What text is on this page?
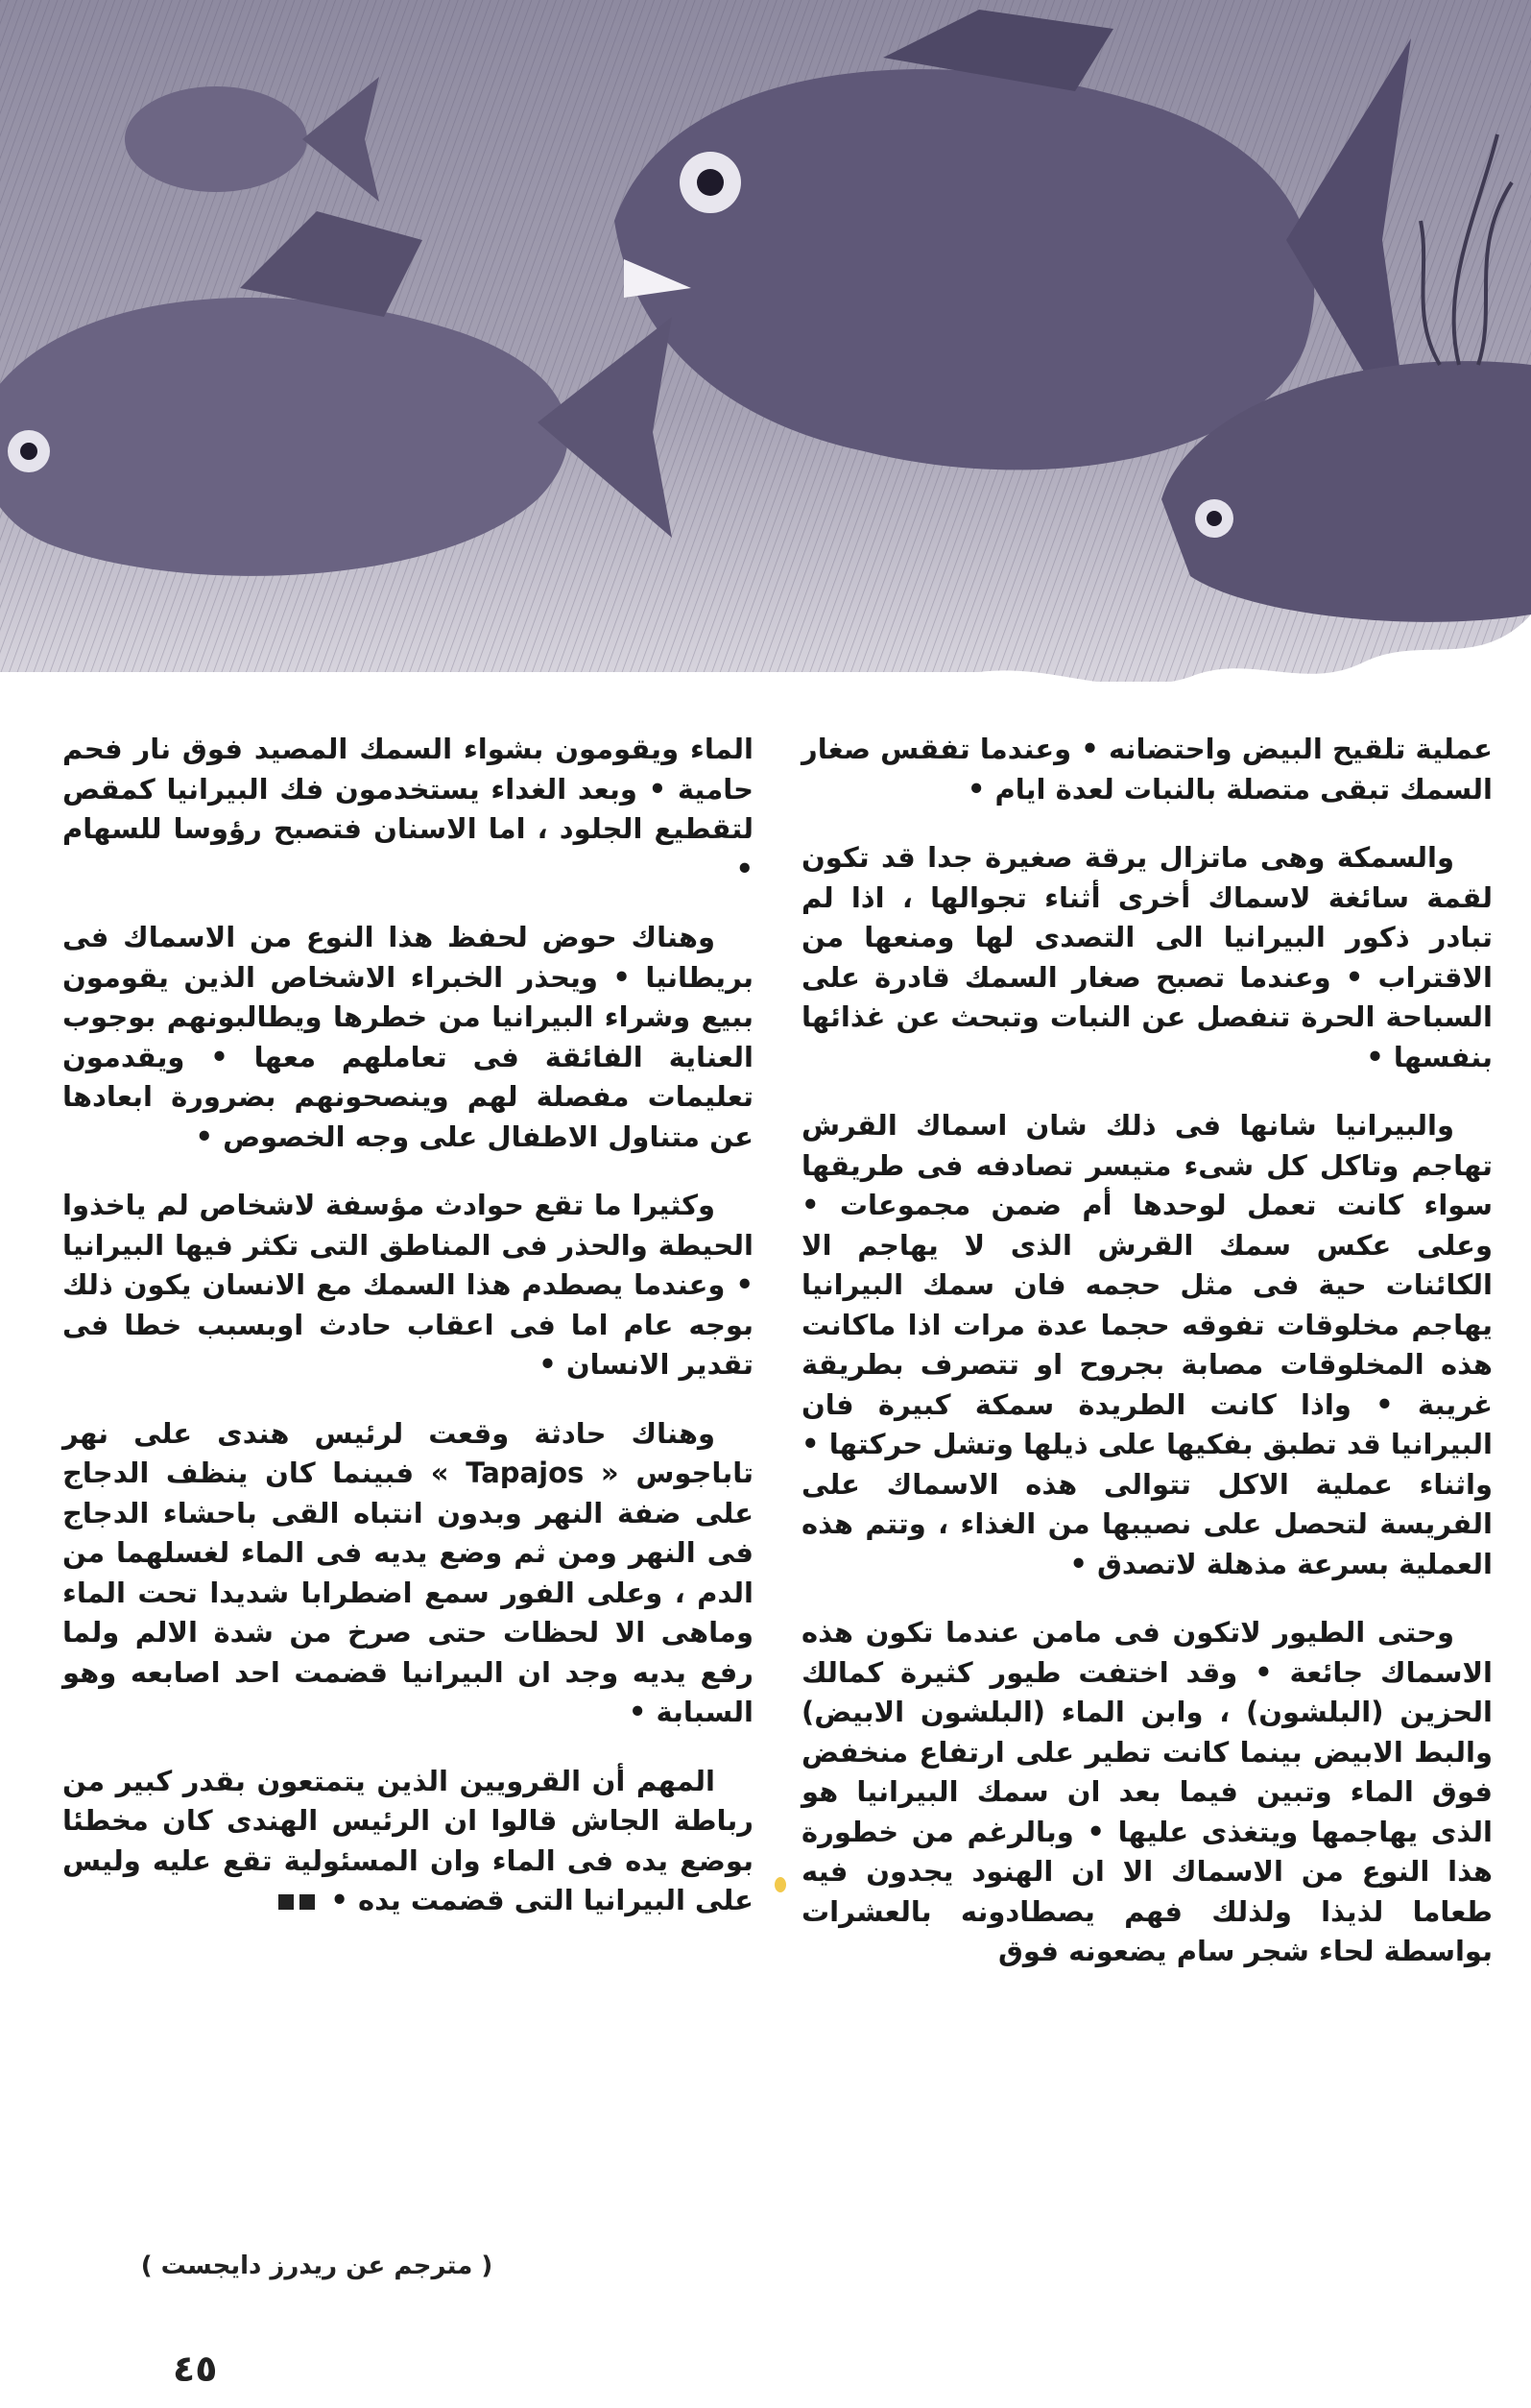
عملية تلقيح البيض واحتضانه • وعندما تفقس صغار السمك تبقى متصلة بالنبات لعدة ايام •

والسمكة وهى ماتزال يرقة صغيرة جدا قد تكون لقمة سائغة لاسماك أخرى أثناء تجوالها ، اذا لم تبادر ذكور البيرانيا الى التصدى لها ومنعها من الاقتراب • وعندما تصبح صغار السمك قادرة على السباحة الحرة تنفصل عن النبات وتبحث عن غذائها بنفسها •

والبيرانيا شانها فى ذلك شان اسماك القرش تهاجم وتاكل كل شىء متيسر تصادفه فى طريقها سواء كانت تعمل لوحدها أم ضمن مجموعات • وعلى عكس سمك القرش الذى لا يهاجم الا الكائنات حية فى مثل حجمه فان سمك البيرانيا يهاجم مخلوقات تفوقه حجما عدة مرات اذا ماكانت هذه المخلوقات مصابة بجروح او تتصرف بطريقة غريبة • واذا كانت الطريدة سمكة كبيرة فان البيرانيا قد تطبق بفكيها على ذيلها وتشل حركتها • واثناء عملية الاكل تتوالى هذه الاسماك على الفريسة لتحصل على نصيبها من الغذاء ، وتتم هذه العملية بسرعة مذهلة لاتصدق •

وحتى الطيور لاتكون فى مامن عندما تكون هذه الاسماك جائعة • وقد اختفت طيور كثيرة كمالك الحزين (البلشون) ، وابن الماء (البلشون الابيض) والبط الابيض بينما كانت تطير على ارتفاع منخفض فوق الماء وتبين فيما بعد ان سمك البيرانيا هو الذى يهاجمها ويتغذى عليها • وبالرغم من خطورة هذا النوع من الاسماك الا ان الهنود يجدون فيه طعاما لذيذا ولذلك فهم يصطادونه بالعشرات بواسطة لحاء شجر سام يضعونه فوق

الماء ويقومون بشواء السمك المصيد فوق نار فحم حامية • وبعد الغداء يستخدمون فك البيرانيا كمقص لتقطيع الجلود ، اما الاسنان فتصبح رؤوسا للسهام •

وهناك حوض لحفظ هذا النوع من الاسماك فى بريطانيا • ويحذر الخبراء الاشخاص الذين يقومون ببيع وشراء البيرانيا من خطرها ويطالبونهم بوجوب العناية الفائقة فى تعاملهم معها • ويقدمون تعليمات مفصلة لهم وينصحونهم بضرورة ابعادها عن متناول الاطفال على وجه الخصوص •

وكثيرا ما تقع حوادث مؤسفة لاشخاص لم ياخذوا الحيطة والحذر فى المناطق التى تكثر فيها البيرانيا • وعندما يصطدم هذا السمك مع الانسان يكون ذلك بوجه عام اما فى اعقاب حادث اوبسبب خطا فى تقدير الانسان •

وهناك حادثة وقعت لرئيس هندى على نهر تاباجوس « Tapajos » فبينما كان ينظف الدجاج على ضفة النهر وبدون انتباه القى باحشاء الدجاج فى النهر ومن ثم وضع يديه فى الماء لغسلهما من الدم ، وعلى الفور سمع اضطرابا شديدا تحت الماء وماهى الا لحظات حتى صرخ من شدة الالم ولما رفع يديه وجد ان البيرانيا قضمت احد اصابعه وهو السبابة •

المهم أن القرويين الذين يتمتعون بقدر كبير من رباطة الجاش قالوا ان الرئيس الهندى كان مخطئا بوضع يده فى الماء وان المسئولية تقع عليه وليس على البيرانيا التى قضمت يده •

( مترجم عن ريدرز دايجست )
٤٥
